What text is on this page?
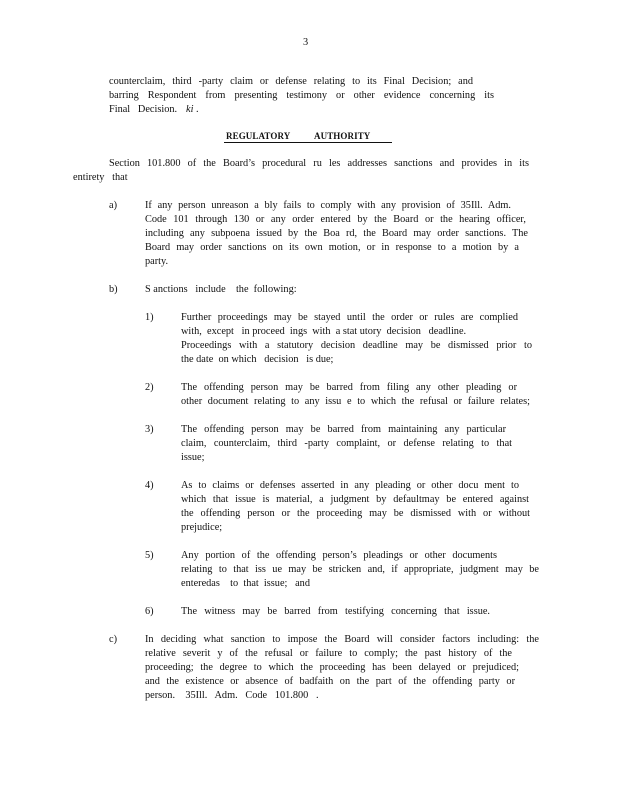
3
counterclaim, third -party claim or defense relating to its Final Decision; and
barring Respondent from presenting testimony or other evidence concerning its
Final   Decision. ki .
REGULATORY	AUTHORITY
Section 101.800 of the Board’s procedural ru les addresses sanctions and provides in its
entirety   that
a)	If any person unreason a bly fails to comply with any provision of 35Ill. Adm.
Code 101 through 130 or any order entered by the Board or the hearing officer,
including any subpoena issued by the Boa rd, the Board may order sanctions. The
Board may order sanctions on its own motion, or in response to a motion by a
party.
b)	S anctions   include    the  following:
1)	Further proceedings may be stayed until the order or rules are complied
with,  except   in proceed  ings  with  a stat utory  decision   deadline.
Proceedings with a statutory decision deadline may be dismissed prior to
the date  on which   decision   is due;
2)	The offending person may be barred from filing any other pleading or
other document relating to any issu e to which the refusal or failure relates;
3)	The offending person may be barred from maintaining any particular
claim, counterclaim, third -party complaint, or defense relating to that
issue;
4)	As to claims or defenses asserted in any pleading or other docu ment to
which that issue is material, a judgment by defaultmay be entered against
the offending person or the proceeding may be dismissed with or without
prejudice;
5)	Any portion of the offending person’s pleadings or other documents
relating to that iss ue may be stricken and, if appropriate, judgment may be
enteredas    to  that  issue;   and
6)	The witness may be barred from testifying concerning that issue.
c)	In deciding what sanction to impose the Board will consider factors including: the
relative severit y of the refusal or failure to comply; the past history of the
proceeding; the degree to which the proceeding has been delayed or prejudiced;
and the existence or absence of badfaith on the part of the offending party or
person.    35Ill.   Adm.   Code   101.800   .
